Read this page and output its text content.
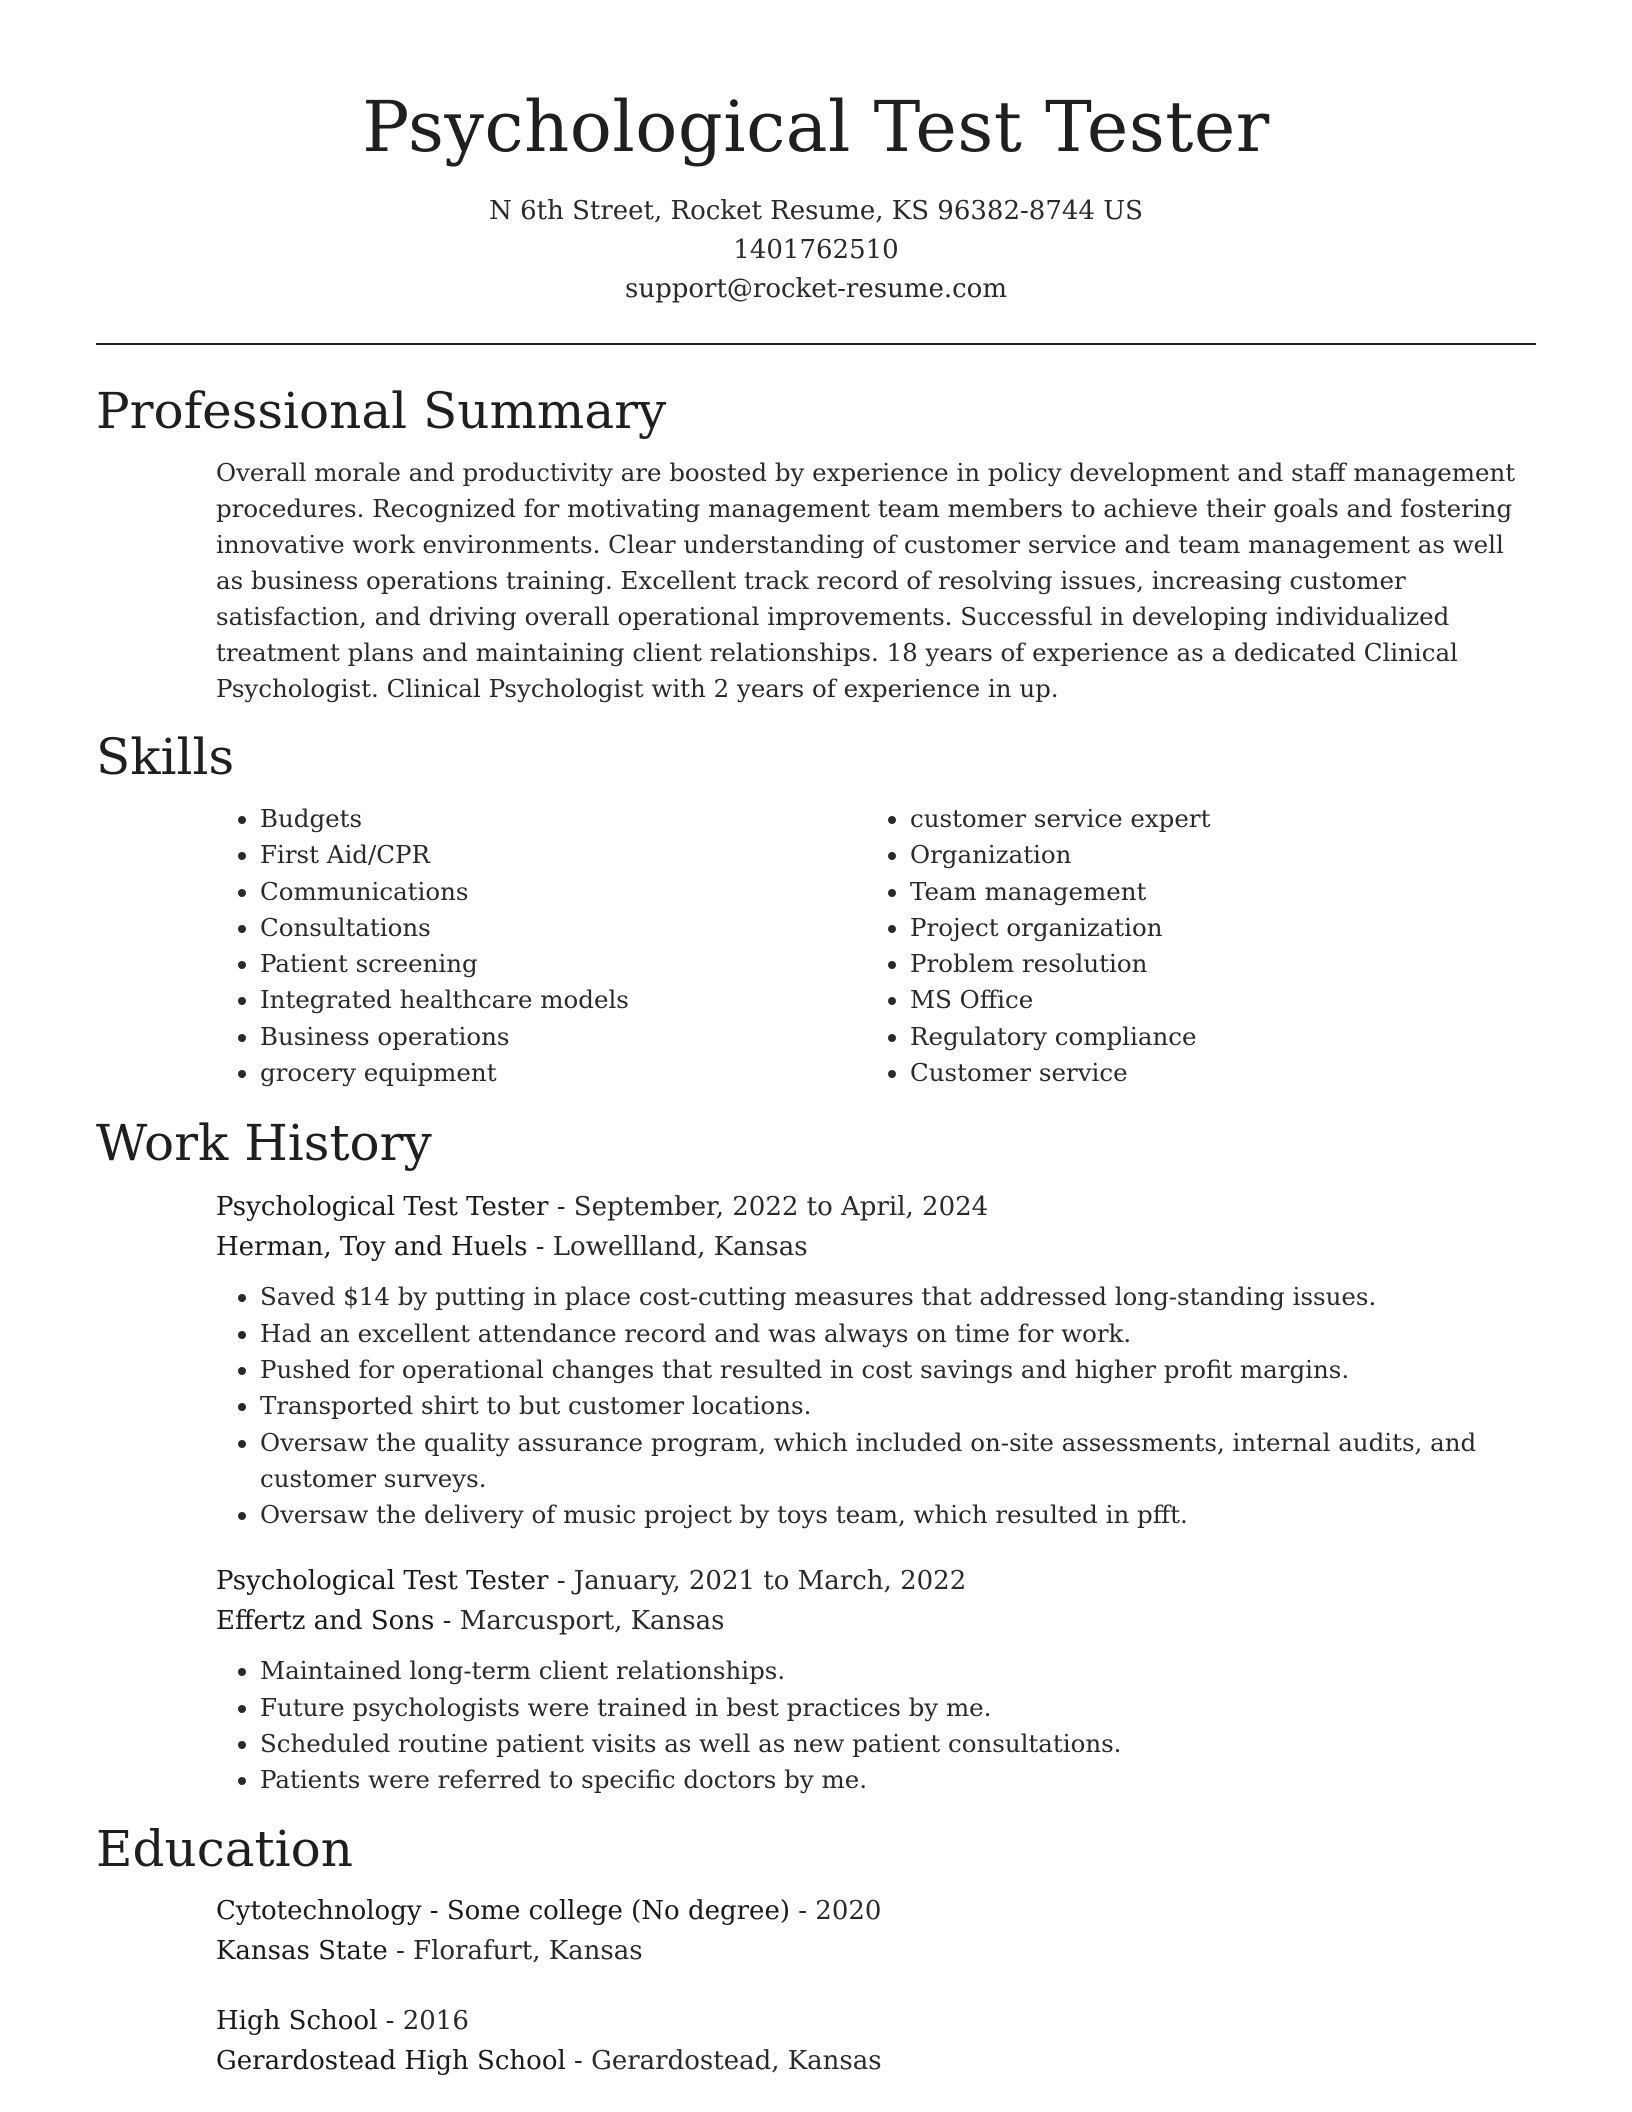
Psychological Test Tester
N 6th Street, Rocket Resume, KS 96382-8744 US
1401762510
support@rocket-resume.com
Professional Summary

Overall morale and productivity are boosted by experience in policy development and staff management procedures. Recognized for motivating management team members to achieve their goals and fostering innovative work environments. Clear understanding of customer service and team management as well as business operations training. Excellent track record of resolving issues, increasing customer satisfaction, and driving overall operational improvements. Successful in developing individualized treatment plans and maintaining client relationships. 18 years of experience as a dedicated Clinical Psychologist. Clinical Psychologist with 2 years of experience in up.

Skills
• Budgets
• First Aid/CPR
• Communications
• Consultations
• Patient screening
• Integrated healthcare models
• Business operations
• grocery equipment
• customer service expert
• Organization
• Team management
• Project organization
• Problem resolution
• MS Office
• Regulatory compliance
• Customer service
Work History
Psychological Test Tester - September, 2022 to April, 2024
Herman, Toy and Huels - Lowellland, Kansas
• Saved $14 by putting in place cost-cutting measures that addressed long-standing issues.
• Had an excellent attendance record and was always on time for work.
• Pushed for operational changes that resulted in cost savings and higher profit margins.
• Transported shirt to but customer locations.
• Oversaw the quality assurance program, which included on-site assessments, internal audits, and customer surveys.
• Oversaw the delivery of music project by toys team, which resulted in pfft.
Psychological Test Tester - January, 2021 to March, 2022
Effertz and Sons - Marcusport, Kansas
• Maintained long-term client relationships.
• Future psychologists were trained in best practices by me.
• Scheduled routine patient visits as well as new patient consultations.
• Patients were referred to specific doctors by me.
Education
Cytotechnology - Some college (No degree) - 2020
Kansas State - Florafurt, Kansas
High School - 2016
Gerardostead High School - Gerardostead, Kansas
